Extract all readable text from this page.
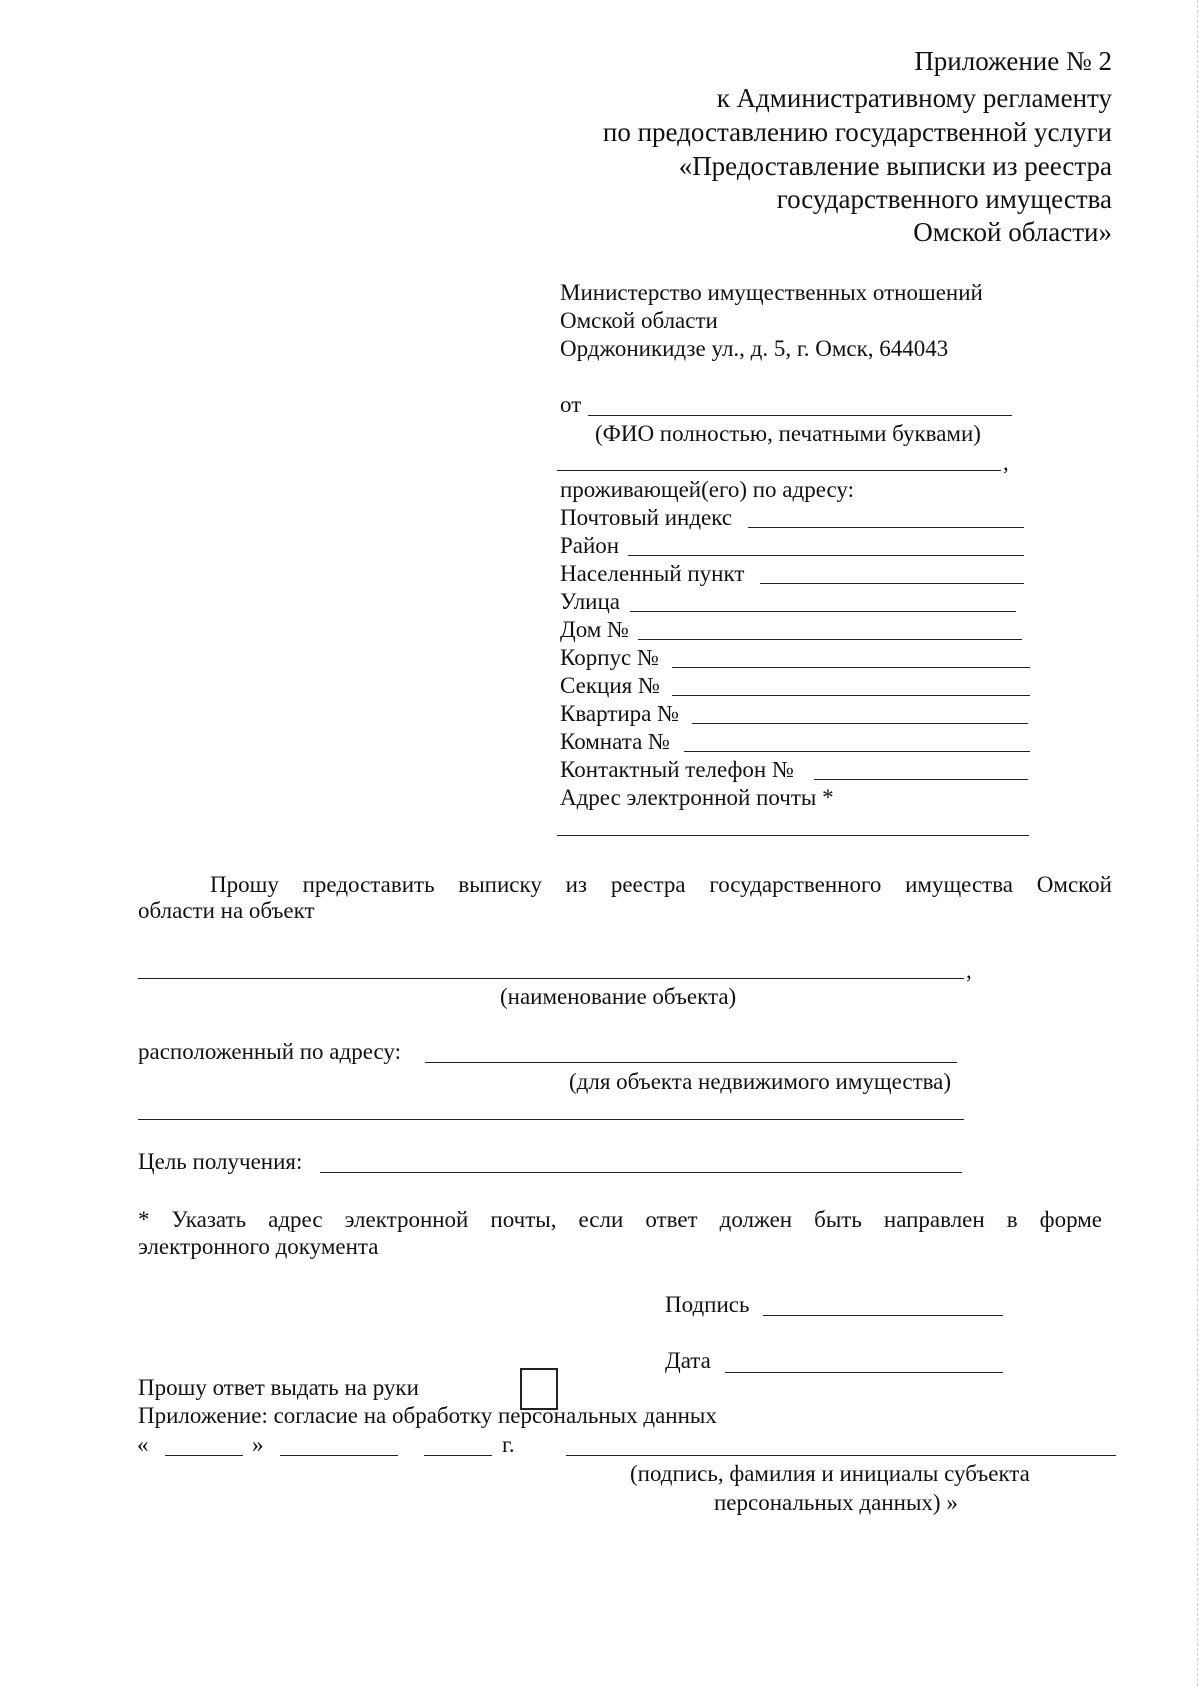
Приложение № 2
к Административному регламенту
по предоставлению государственной услуги
«Предоставление выписки из реестра
государственного имущества
Омской области»
Министерство имущественных отношений
Омской области
Орджоникидзе ул., д. 5, г. Омск, 644043
от
(ФИО полностью, печатными буквами)
,
проживающей(его) по адресу:
Почтовый индекс
Район
Населенный пункт
Улица
Дом №
Корпус №
Секция №
Квартира №
Комната №
Контактный телефон №
Адрес электронной почты *
Прошу предоставить выписку из реестра государственного имущества Омской
области на объект
,
(наименование объекта)
расположенный по адресу:
(для объекта недвижимого имущества)
Цель получения:
* Указать адрес электронной почты, если ответ должен быть направлен в форме
электронного документа
Подпись
Дата
Прошу ответ выдать на руки
Приложение: согласие на обработку персональных данных
«	»	г.
(подпись, фамилия и инициалы субъекта
персональных данных) »
